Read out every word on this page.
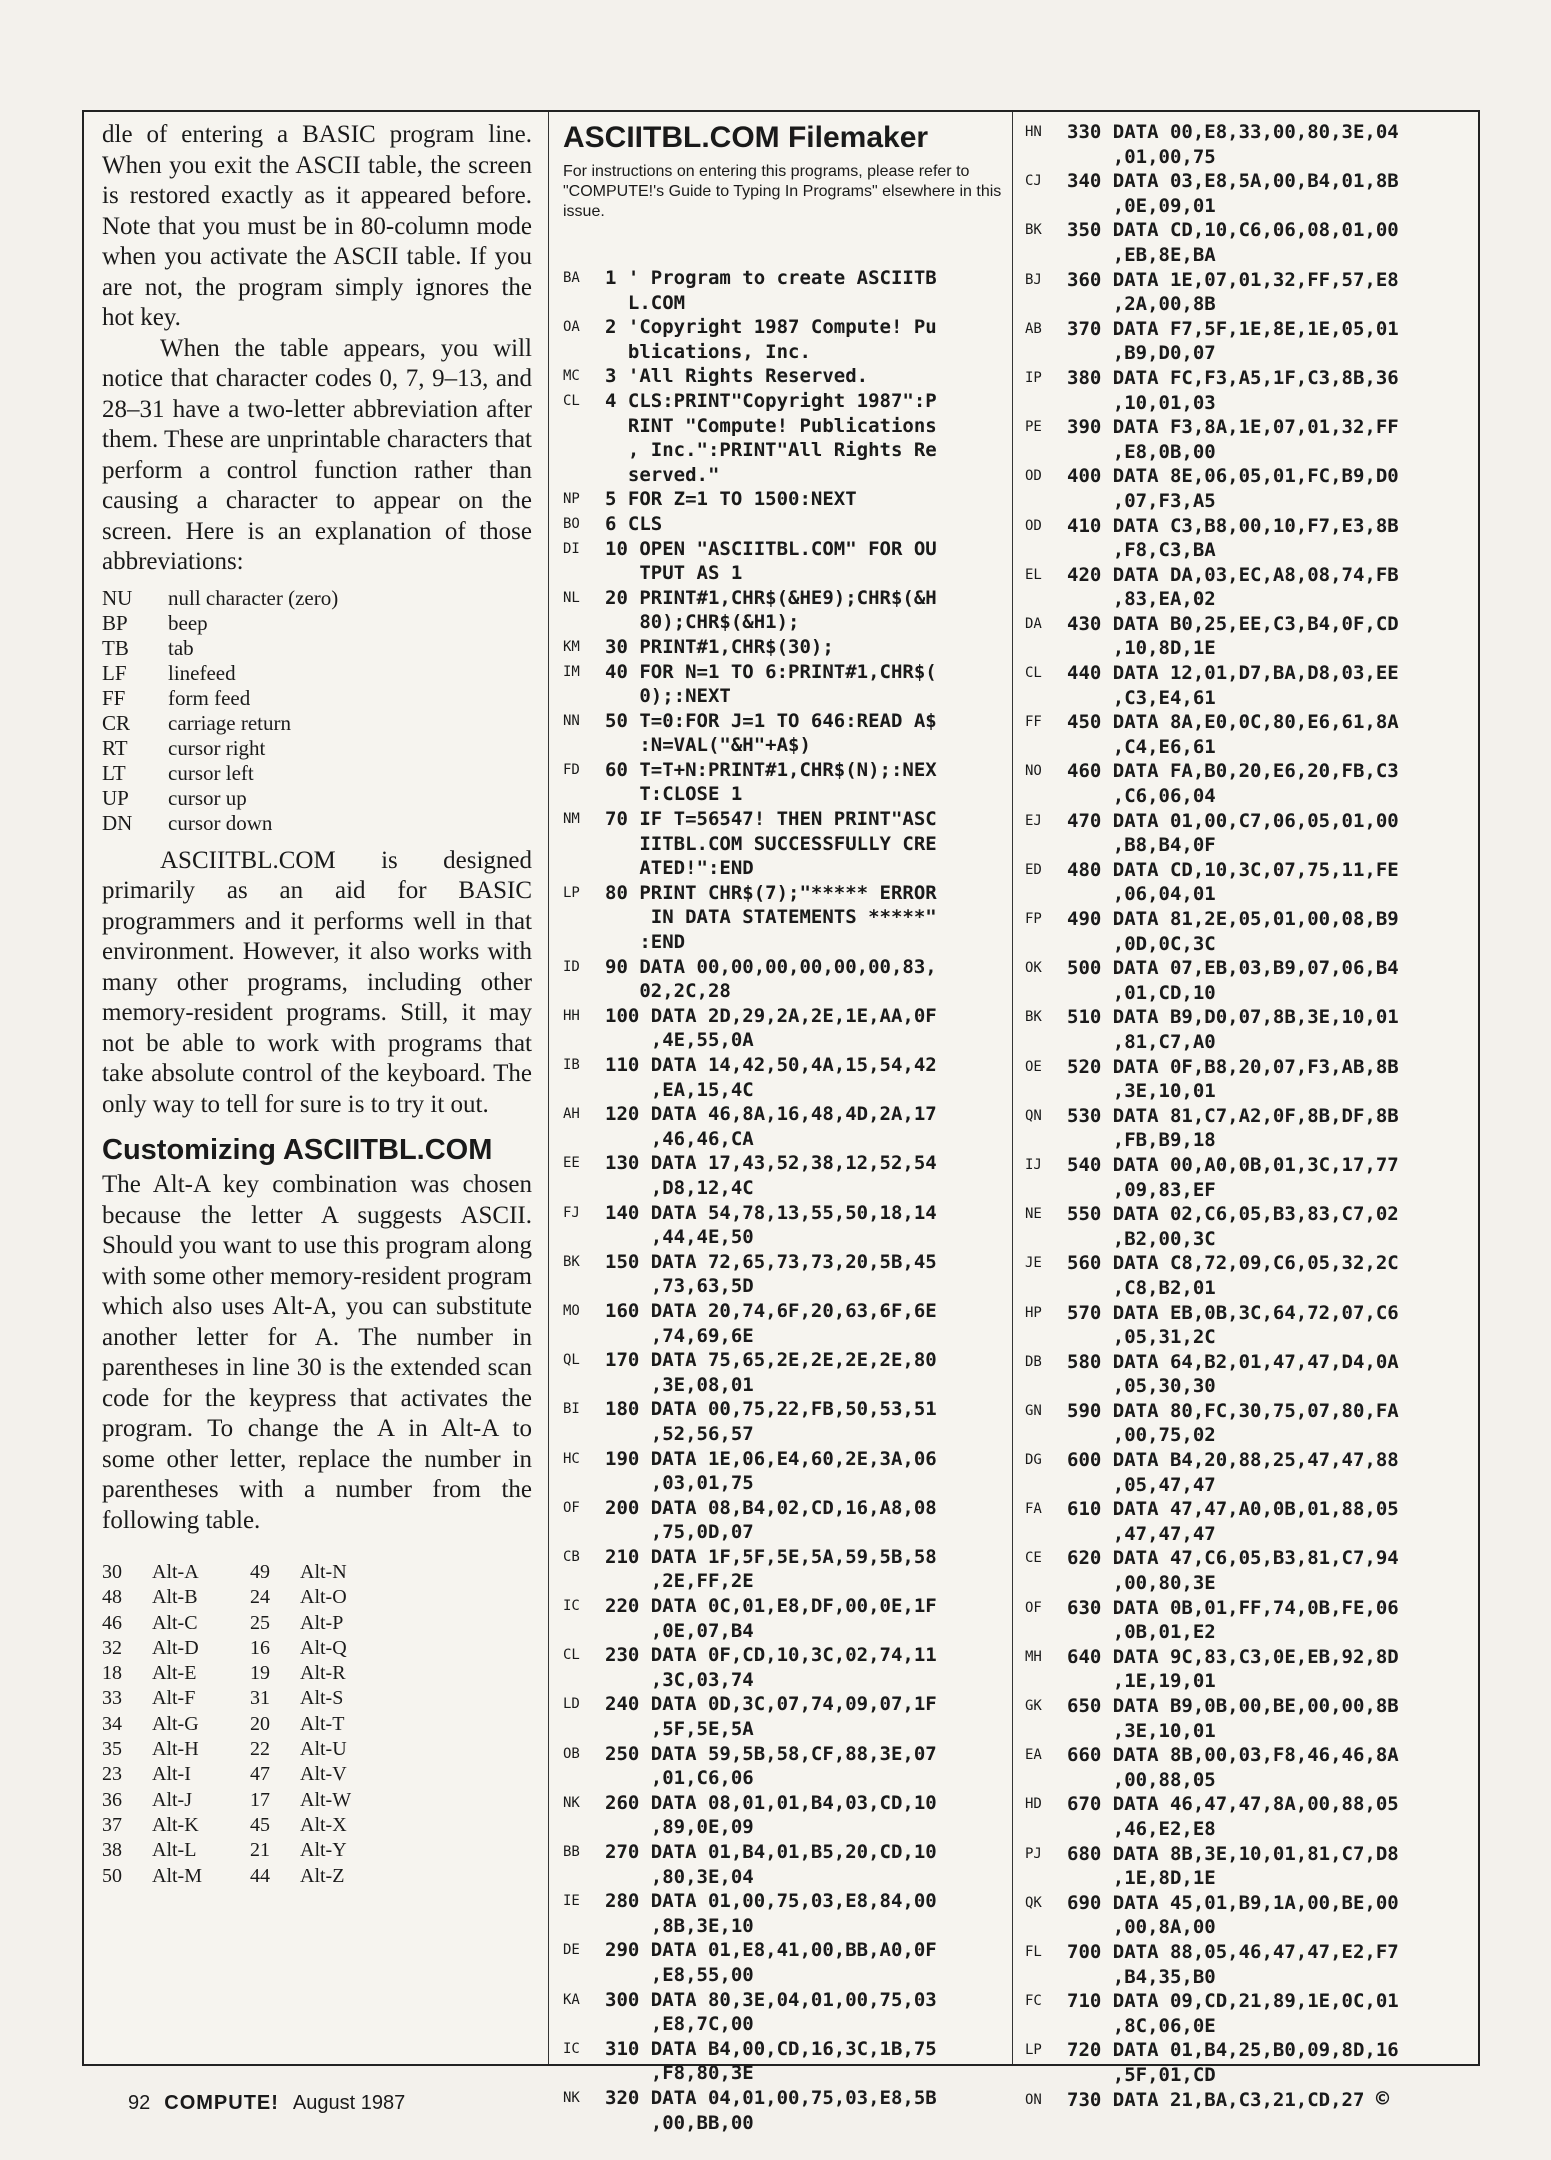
dle of entering a BASIC program line. When you exit the ASCII table, the screen is restored exactly as it appeared before. Note that you must be in 80-column mode when you activate the ASCII table. If you are not, the program simply ignores the hot key.

When the table appears, you will notice that character codes 0, 7, 9–13, and 28–31 have a two-letter abbreviation after them. These are unprintable characters that perform a control function rather than causing a character to appear on the screen. Here is an explanation of those abbreviations:

NU	null character (zero)
BP	beep
TB	tab
LF	linefeed
FF	form feed
CR	carriage return
RT	cursor right
LT	cursor left
UP	cursor up
DN	cursor down

ASCIITBL.COM is designed primarily as an aid for BASIC programmers and it performs well in that environment. However, it also works with many other programs, including other memory-resident programs. Still, it may not be able to work with programs that take absolute control of the keyboard. The only way to tell for sure is to try it out.

Customizing ASCIITBL.COM

The Alt-A key combination was chosen because the letter A suggests ASCII. Should you want to use this program along with some other memory-resident program which also uses Alt-A, you can substitute another letter for A. The number in parentheses in line 30 is the extended scan code for the keypress that activates the program. To change the A in Alt-A to some other letter, replace the number in parentheses with a number from the following table.

30	Alt-A	49	Alt-N
48	Alt-B	24	Alt-O
46	Alt-C	25	Alt-P
32	Alt-D	16	Alt-Q
18	Alt-E	19	Alt-R
33	Alt-F	31	Alt-S
34	Alt-G	20	Alt-T
35	Alt-H	22	Alt-U
23	Alt-I	47	Alt-V
36	Alt-J	17	Alt-W
37	Alt-K	45	Alt-X
38	Alt-L	21	Alt-Y
50	Alt-M	44	Alt-Z
ASCIITBL.COM Filemaker
For instructions on entering this programs, please refer to "COMPUTE!'s Guide to Typing In Programs" elsewhere in this issue.
BA	1 ' Program to create ASCIITB
L.COM
OA	2 'Copyright 1987 Compute! Pu
blications, Inc.
MC	3 'All Rights Reserved.
CL	4 CLS:PRINT"Copyright 1987":P
RINT "Compute! Publications
, Inc.":PRINT"All Rights Re
served."
NP	5 FOR Z=1 TO 1500:NEXT
BO	6 CLS
DI	10 OPEN "ASCIITBL.COM" FOR OU
TPUT AS 1
NL	20 PRINT#1,CHR$(&HE9);CHR$(&H
80);CHR$(&H1);
KM	30 PRINT#1,CHR$(30);
IM	40 FOR N=1 TO 6:PRINT#1,CHR$(
0);:NEXT
NN	50 T=0:FOR J=1 TO 646:READ A$
:N=VAL("&H"+A$)
FD	60 T=T+N:PRINT#1,CHR$(N);:NEX
T:CLOSE 1
NM	70 IF T=56547! THEN PRINT"ASC
IITBL.COM SUCCESSFULLY CRE
ATED!":END
LP	80 PRINT CHR$(7);"***** ERROR
IN DATA STATEMENTS *****"
:END
ID	90 DATA 00,00,00,00,00,00,83,
02,2C,28
HH	100 DATA 2D,29,2A,2E,1E,AA,0F
,4E,55,0A
IB	110 DATA 14,42,50,4A,15,54,42
,EA,15,4C
AH	120 DATA 46,8A,16,48,4D,2A,17
,46,46,CA
EE	130 DATA 17,43,52,38,12,52,54
,D8,12,4C
FJ	140 DATA 54,78,13,55,50,18,14
,44,4E,50
BK	150 DATA 72,65,73,73,20,5B,45
,73,63,5D
MO	160 DATA 20,74,6F,20,63,6F,6E
,74,69,6E
QL	170 DATA 75,65,2E,2E,2E,2E,80
,3E,08,01
BI	180 DATA 00,75,22,FB,50,53,51
,52,56,57
HC	190 DATA 1E,06,E4,60,2E,3A,06
,03,01,75
OF	200 DATA 08,B4,02,CD,16,A8,08
,75,0D,07
CB	210 DATA 1F,5F,5E,5A,59,5B,58
,2E,FF,2E
IC	220 DATA 0C,01,E8,DF,00,0E,1F
,0E,07,B4
CL	230 DATA 0F,CD,10,3C,02,74,11
,3C,03,74
LD	240 DATA 0D,3C,07,74,09,07,1F
,5F,5E,5A
OB	250 DATA 59,5B,58,CF,88,3E,07
,01,C6,06
NK	260 DATA 08,01,01,B4,03,CD,10
,89,0E,09
BB	270 DATA 01,B4,01,B5,20,CD,10
,80,3E,04
IE	280 DATA 01,00,75,03,E8,84,00
,8B,3E,10
DE	290 DATA 01,E8,41,00,BB,A0,0F
,E8,55,00
KA	300 DATA 80,3E,04,01,00,75,03
,E8,7C,00
IC	310 DATA B4,00,CD,16,3C,1B,75
,F8,80,3E
NK	320 DATA 04,01,00,75,03,E8,5B
,00,BB,00
HN	330 DATA 00,E8,33,00,80,3E,04
,01,00,75
CJ	340 DATA 03,E8,5A,00,B4,01,8B
,0E,09,01
BK	350 DATA CD,10,C6,06,08,01,00
,EB,8E,BA
BJ	360 DATA 1E,07,01,32,FF,57,E8
,2A,00,8B
AB	370 DATA F7,5F,1E,8E,1E,05,01
,B9,D0,07
IP	380 DATA FC,F3,A5,1F,C3,8B,36
,10,01,03
PE	390 DATA F3,8A,1E,07,01,32,FF
,E8,0B,00
OD	400 DATA 8E,06,05,01,FC,B9,D0
,07,F3,A5
OD	410 DATA C3,B8,00,10,F7,E3,8B
,F8,C3,BA
EL	420 DATA DA,03,EC,A8,08,74,FB
,83,EA,02
DA	430 DATA B0,25,EE,C3,B4,0F,CD
,10,8D,1E
CL	440 DATA 12,01,D7,BA,D8,03,EE
,C3,E4,61
FF	450 DATA 8A,E0,0C,80,E6,61,8A
,C4,E6,61
NO	460 DATA FA,B0,20,E6,20,FB,C3
,C6,06,04
EJ	470 DATA 01,00,C7,06,05,01,00
,B8,B4,0F
ED	480 DATA CD,10,3C,07,75,11,FE
,06,04,01
FP	490 DATA 81,2E,05,01,00,08,B9
,0D,0C,3C
OK	500 DATA 07,EB,03,B9,07,06,B4
,01,CD,10
BK	510 DATA B9,D0,07,8B,3E,10,01
,81,C7,A0
OE	520 DATA 0F,B8,20,07,F3,AB,8B
,3E,10,01
QN	530 DATA 81,C7,A2,0F,8B,DF,8B
,FB,B9,18
IJ	540 DATA 00,A0,0B,01,3C,17,77
,09,83,EF
NE	550 DATA 02,C6,05,B3,83,C7,02
,B2,00,3C
JE	560 DATA C8,72,09,C6,05,32,2C
,C8,B2,01
HP	570 DATA EB,0B,3C,64,72,07,C6
,05,31,2C
DB	580 DATA 64,B2,01,47,47,D4,0A
,05,30,30
GN	590 DATA 80,FC,30,75,07,80,FA
,00,75,02
DG	600 DATA B4,20,88,25,47,47,88
,05,47,47
FA	610 DATA 47,47,A0,0B,01,88,05
,47,47,47
CE	620 DATA 47,C6,05,B3,81,C7,94
,00,80,3E
OF	630 DATA 0B,01,FF,74,0B,FE,06
,0B,01,E2
MH	640 DATA 9C,83,C3,0E,EB,92,8D
,1E,19,01
GK	650 DATA B9,0B,00,BE,00,00,8B
,3E,10,01
EA	660 DATA 8B,00,03,F8,46,46,8A
,00,88,05
HD	670 DATA 46,47,47,8A,00,88,05
,46,E2,E8
PJ	680 DATA 8B,3E,10,01,81,C7,D8
,1E,8D,1E
QK	690 DATA 45,01,B9,1A,00,BE,00
,00,8A,00
FL	700 DATA 88,05,46,47,47,E2,F7
,B4,35,B0
FC	710 DATA 09,CD,21,89,1E,0C,01
,8C,06,0E
LP	720 DATA 01,B4,25,B0,09,8D,16
,5F,01,CD
ON	730 DATA 21,BA,C3,21,CD,27 ©
92 COMPUTE! August 1987
